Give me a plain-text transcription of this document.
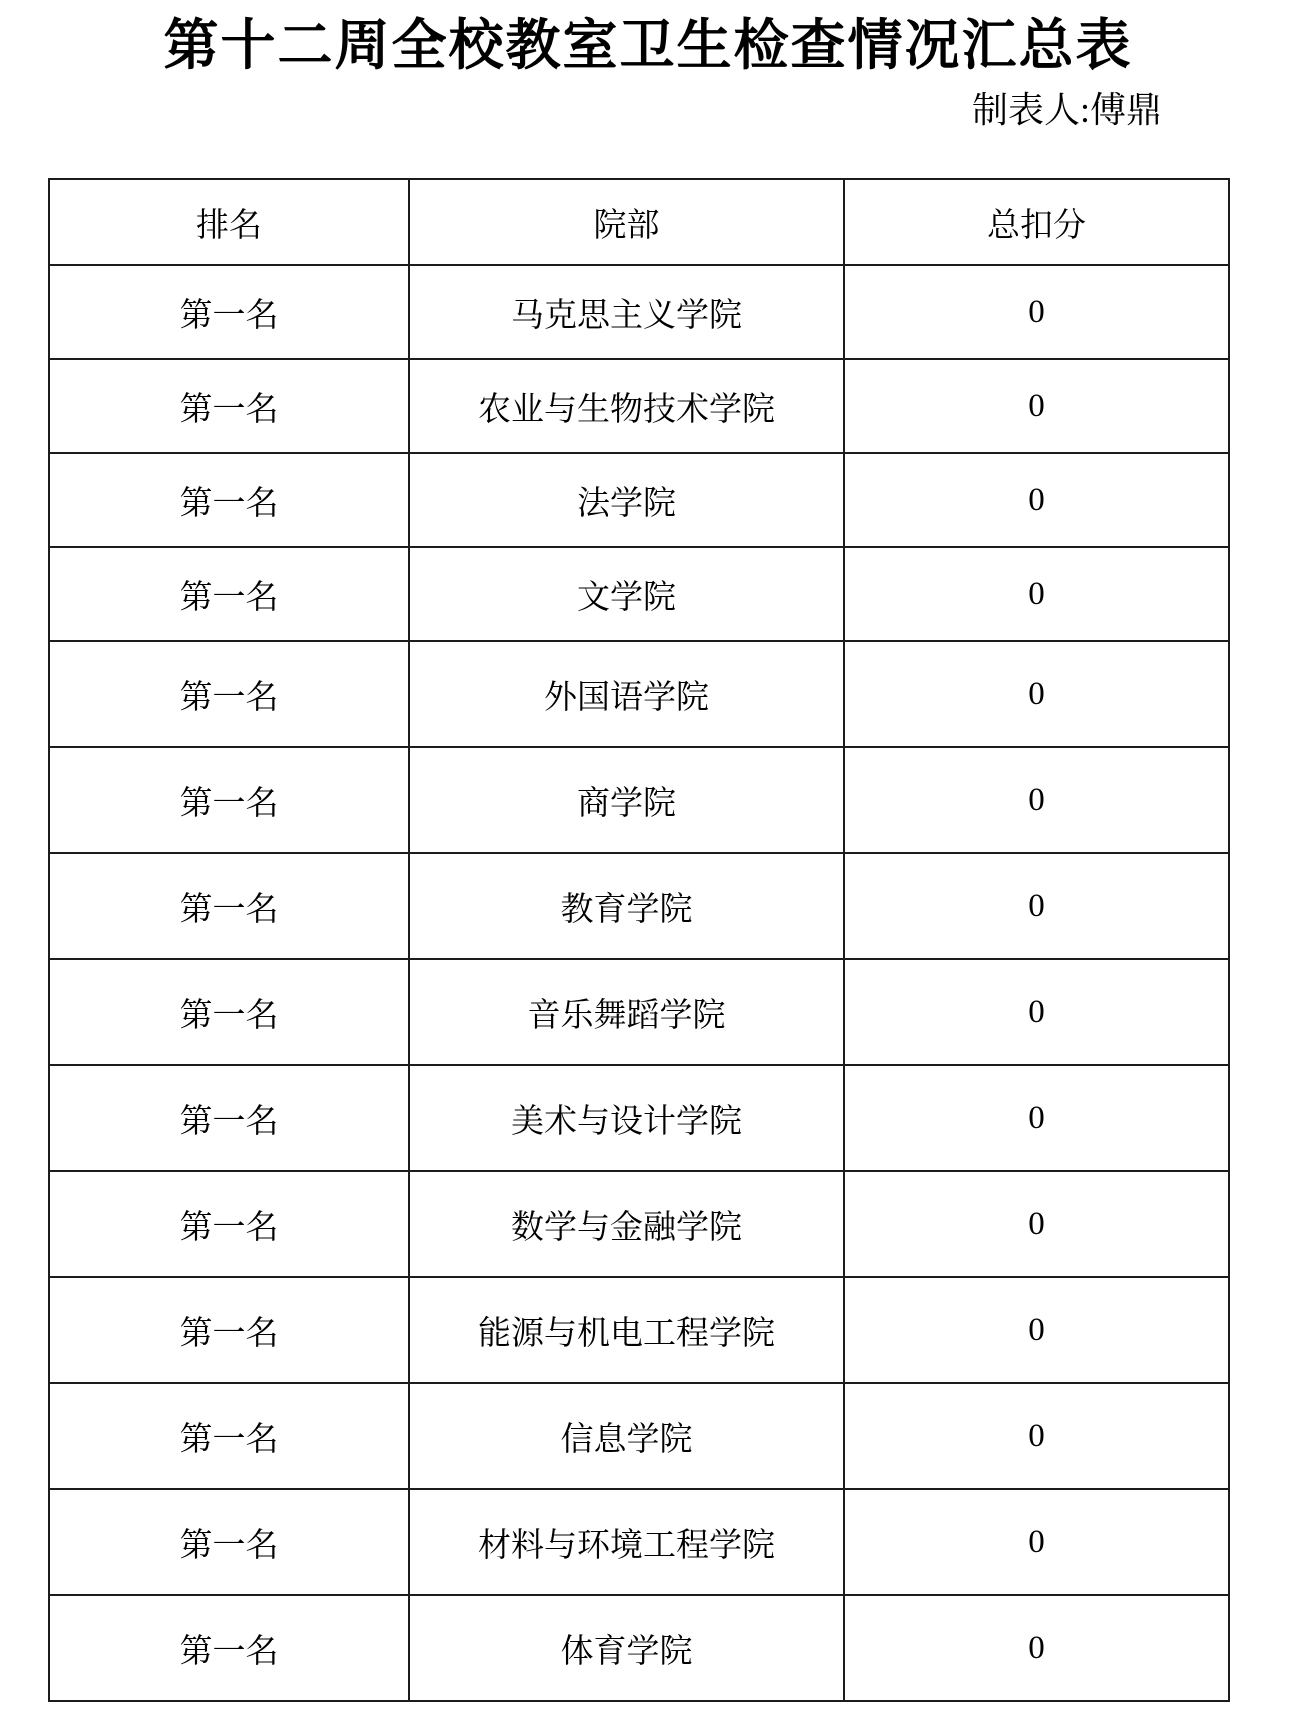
第十二周全校教室卫生检查情况汇总表
制表人:傅鼎
排名	院部	总扣分
第一名	马克思主义学院	0
第一名	农业与生物技术学院	0
第一名	法学院	0
第一名	文学院	0
第一名	外国语学院	0
第一名	商学院	0
第一名	教育学院	0
第一名	音乐舞蹈学院	0
第一名	美术与设计学院	0
第一名	数学与金融学院	0
第一名	能源与机电工程学院	0
第一名	信息学院	0
第一名	材料与环境工程学院	0
第一名	体育学院	0
